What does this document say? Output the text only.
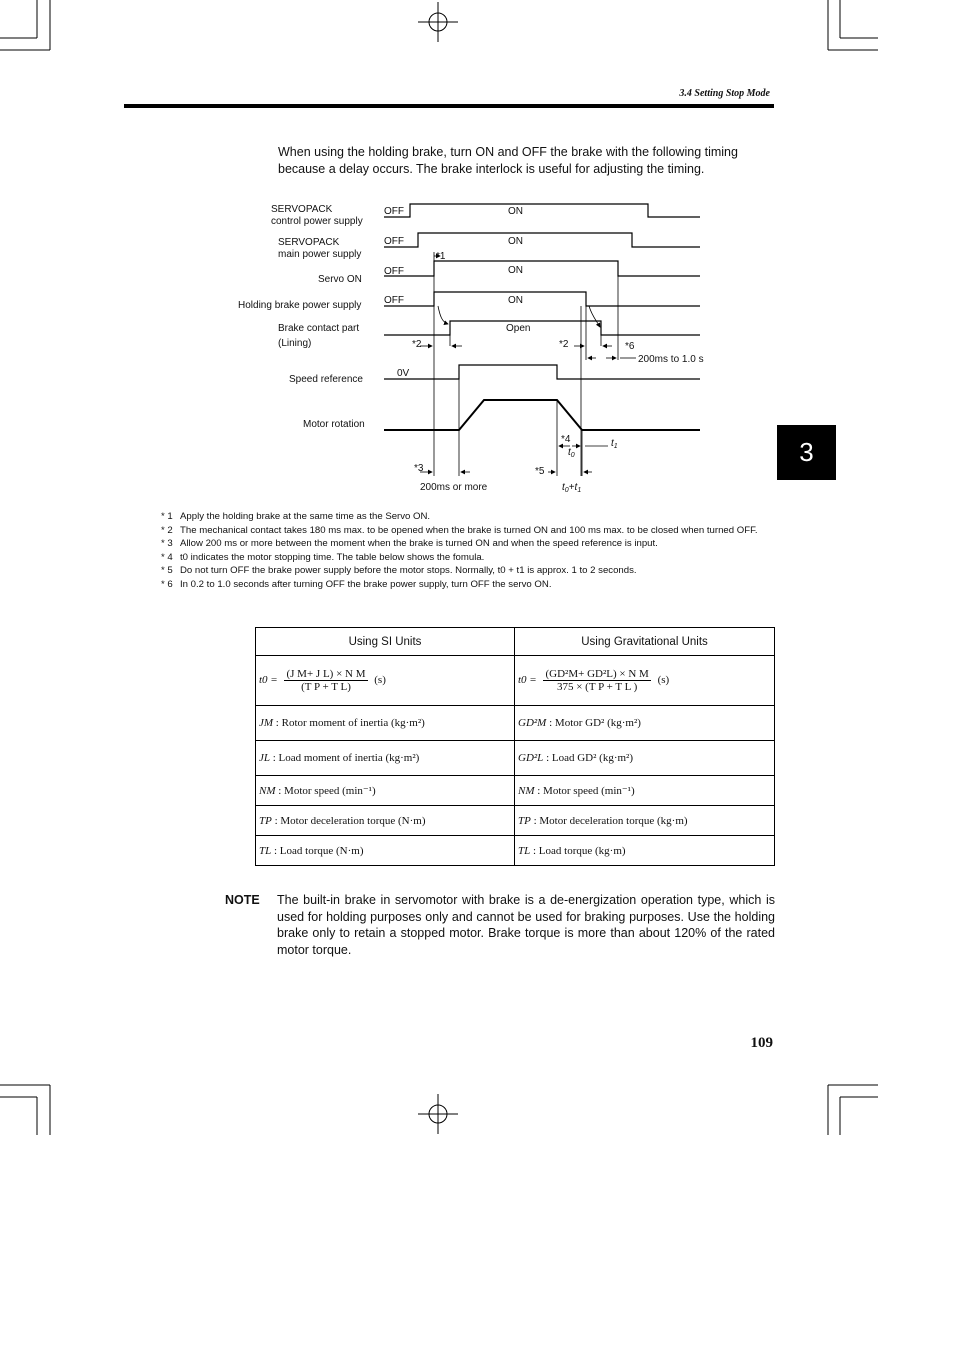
3.4 Setting Stop Mode
When using the holding brake, turn ON and OFF the brake with the following timing because a delay occurs. The brake interlock is useful for adjusting the timing.
3
SERVOPACK
control power supply
SERVOPACK
main power supply
Servo ON
Holding brake power supply
Brake contact part
(Lining)
Speed reference
Motor rotation
OFF	ON
OFF	ON
OFF	ON
OFF	ON
Open
0V
*1
*2	*2	*6
200ms to 1.0 s
*4
$t_0$
$t_1$
*3	*5
200ms or more	$t_0+t_1$
* 1 Apply the holding brake at the same time as the Servo ON.
* 2 The mechanical contact takes 180 ms max. to be opened when the brake is turned ON and 100 ms max. to be closed when turned OFF.
* 3 Allow 200 ms or more between the moment when the brake is turned ON and when the speed reference is input.
* 4 t0 indicates the motor stopping time. The table below shows the fomula.
* 5 Do not turn OFF the brake power supply before the motor stops. Normally, t0 + t1 is approx. 1 to 2 seconds.
* 6 In 0.2 to 1.0 seconds after turning OFF the brake power supply, turn OFF the servo ON.
Using SI Units	Using Gravitational Units
$t0 = \frac{\text{(J M+ J L) × N M}}{\text{(T P + T L)}} (s)$	$t0 = \frac{\text{(GD²M+ GD²L) × N M}}{\text{375 × (T P + T L )}} (s)$
JM : Rotor moment of inertia (kg·m²)	GD²M : Motor GD² (kg·m²)
JL : Load moment of inertia (kg·m²)	GD²L : Load GD² (kg·m²)
NM : Motor speed (min⁻¹)	NM : Motor speed (min⁻¹)
TP : Motor deceleration torque (N·m)	TP : Motor deceleration torque (kg·m)
TL : Load torque (N·m)	TL : Load torque (kg·m)
NOTE The built-in brake in servomotor with brake is a de-energization operation type, which is used for holding purposes only and cannot be used for braking purposes. Use the holding brake only to retain a stopped motor. Brake torque is more than about 120% of the rated motor torque.
109
